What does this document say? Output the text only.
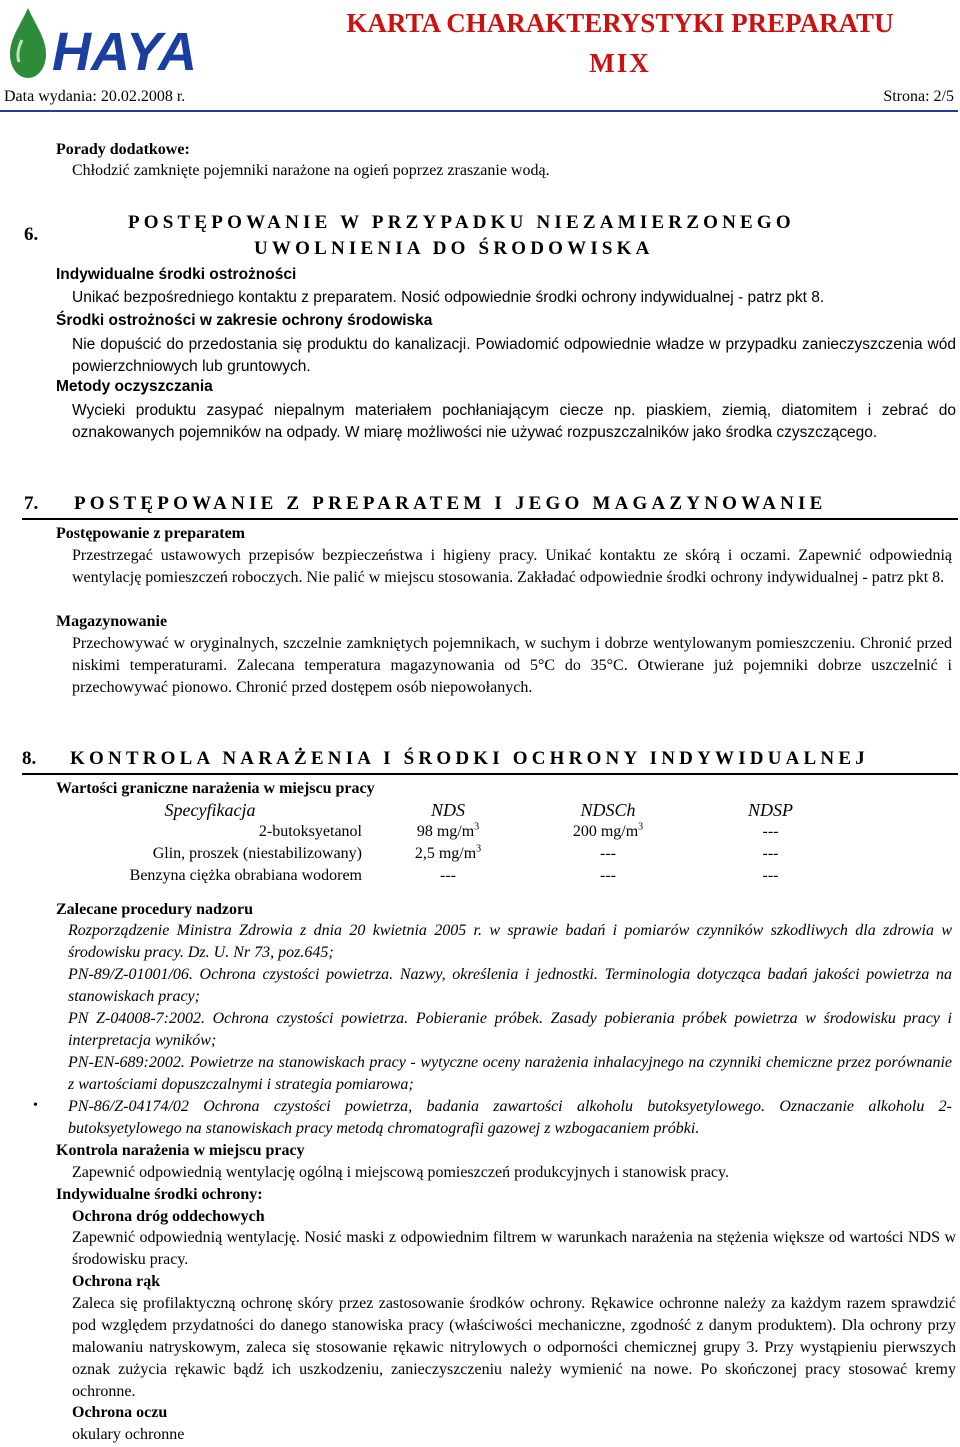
HAYA	KARTA CHARAKTERYSTYKI PREPARATU
MIX
Data wydania: 20.02.2008 r.	Strona: 2/5
Porady dodatkowe:
Chłodzić zamknięte pojemniki narażone na ogień poprzez zraszanie wodą.
6.
POSTĘPOWANIE W PRZYPADKU NIEZAMIERZONEGO
UWOLNIENIA DO ŚRODOWISKA
Indywidualne środki ostrożności
Unikać bezpośredniego kontaktu z preparatem. Nosić odpowiednie środki ochrony indywidualnej - patrz pkt 8.
Środki ostrożności w zakresie ochrony środowiska
Nie dopuścić do przedostania się produktu do kanalizacji. Powiadomić odpowiednie władze w przypadku zanieczyszczenia wód powierzchniowych lub gruntowych.
Metody oczyszczania
Wycieki produktu zasypać niepalnym materiałem pochłaniającym ciecze np. piaskiem, ziemią, diatomitem i zebrać do oznakowanych pojemników na odpady. W miarę możliwości nie używać rozpuszczalników jako środka czyszczącego.
7. POSTĘPOWANIE Z PREPARATEM I JEGO MAGAZYNOWANIE
Postępowanie z preparatem
Przestrzegać ustawowych przepisów bezpieczeństwa i higieny pracy. Unikać kontaktu ze skórą i oczami. Zapewnić odpowiednią wentylację pomieszczeń roboczych. Nie palić w miejscu stosowania. Zakładać odpowiednie środki ochrony indywidualnej - patrz pkt 8.
Magazynowanie
Przechowywać w oryginalnych, szczelnie zamkniętych pojemnikach, w suchym i dobrze wentylowanym pomieszczeniu. Chronić przed niskimi temperaturami. Zalecana temperatura magazynowania od 5°C do 35°C. Otwierane już pojemniki dobrze uszczelnić i przechowywać pionowo. Chronić przed dostępem osób niepowołanych.
8. KONTROLA NARAŻENIA I ŚRODKI OCHRONY INDYWIDUALNEJ
Wartości graniczne narażenia w miejscu pracy
Specyfikacja	NDS	NDSCh	NDSP
2-butoksyetanol	98 $mg/m^3$	200 $mg/m^3$	---
Glin, proszek (niestabilizowany)	2,5 $mg/m^3$	---	---
Benzyna ciężka obrabiana wodorem	---	---	---
Zalecane procedury nadzoru
Rozporządzenie Ministra Zdrowia z dnia 20 kwietnia 2005 r. w sprawie badań i pomiarów czynników szkodliwych dla zdrowia w środowisku pracy. Dz. U. Nr 73, poz.645;
PN-89/Z-01001/06. Ochrona czystości powietrza. Nazwy, określenia i jednostki. Terminologia dotycząca badań jakości powietrza na stanowiskach pracy;
PN Z-04008-7:2002. Ochrona czystości powietrza. Pobieranie próbek. Zasady pobierania próbek powietrza w środowisku pracy i interpretacja wyników;
PN-EN-689:2002. Powietrze na stanowiskach pracy - wytyczne oceny narażenia inhalacyjnego na czynniki chemiczne przez porównanie z wartościami dopuszczalnymi i strategia pomiarowa;
• PN-86/Z-04174/02 Ochrona czystości powietrza, badania zawartości alkoholu butoksyetylowego. Oznaczanie alkoholu 2-butoksyetylowego na stanowiskach pracy metodą chromatografii gazowej z wzbogacaniem próbki.
Kontrola narażenia w miejscu pracy
Zapewnić odpowiednią wentylację ogólną i miejscową pomieszczeń produkcyjnych i stanowisk pracy.
Indywidualne środki ochrony:
Ochrona dróg oddechowych
Zapewnić odpowiednią wentylację. Nosić maski z odpowiednim filtrem w warunkach narażenia na stężenia większe od wartości NDS w środowisku pracy.
Ochrona rąk
Zaleca się profilaktyczną ochronę skóry przez zastosowanie środków ochrony. Rękawice ochronne należy za każdym razem sprawdzić pod względem przydatności do danego stanowiska pracy (właściwości mechaniczne, zgodność z danym produktem). Dla ochrony przy malowaniu natryskowym, zaleca się stosowanie rękawic nitrylowych o odporności chemicznej grupy 3. Przy wystąpieniu pierwszych oznak zużycia rękawic bądź ich uszkodzeniu, zanieczyszczeniu należy wymienić na nowe. Po skończonej pracy stosować kremy ochronne.
Ochrona oczu
okulary ochronne
